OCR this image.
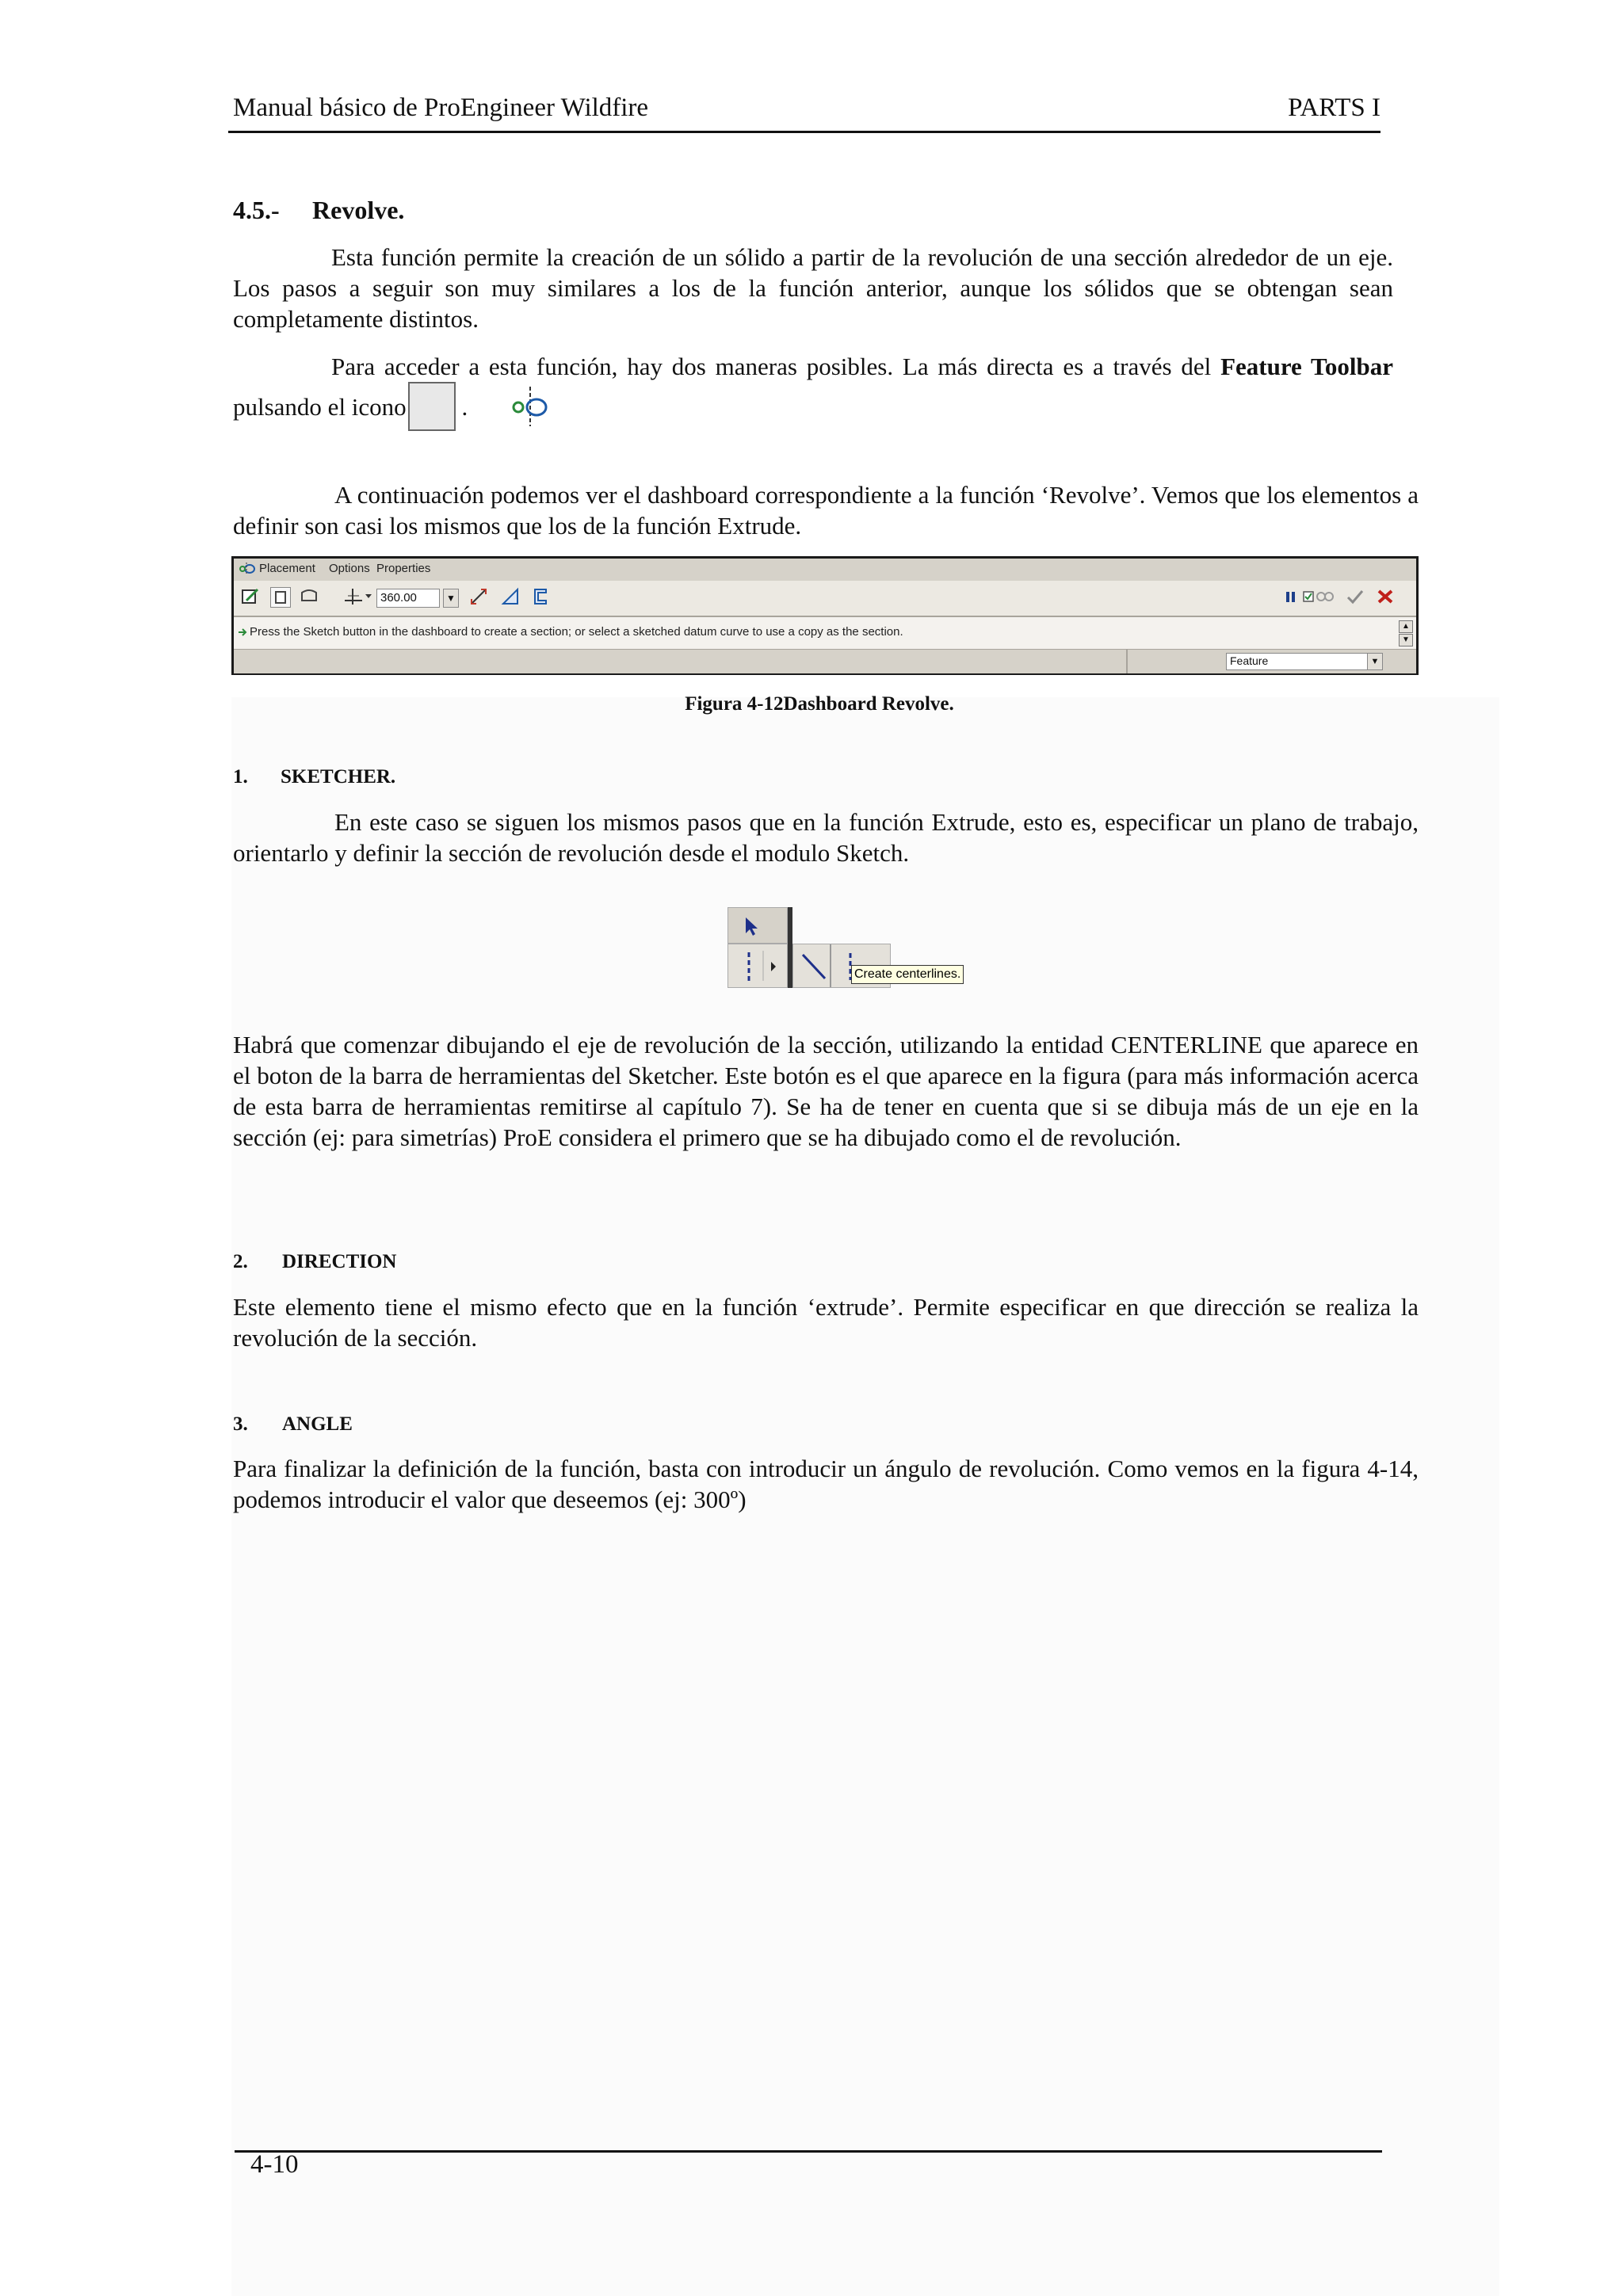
Manual básico de ProEngineer Wildfire	PARTS I
4.5.- Revolve.

Esta función permite la creación de un sólido a partir de la revolución de una sección alrededor de un eje. Los pasos a seguir son muy similares a los de la función anterior, aunque los sólidos que se obtengan sean completamente distintos.

Para acceder a esta función, hay dos maneras posibles. La más directa es a través del Feature Toolbar pulsando el icono .

A continuación podemos ver el dashboard correspondiente a la función ‘Revolve’. Vemos que los elementos a definir son casi los mismos que los de la función Extrude.

Placement Options Properties
360.00	▼
Press the Sketch button in the dashboard to create a section; or select a sketched datum curve to use a copy as the section.	▲
▼
Feature	▼
Figura 4-12Dashboard Revolve.
1. SKETCHER.

En este caso se siguen los mismos pasos que en la función Extrude, esto es, especificar un plano de trabajo, orientarlo y definir la sección de revolución desde el modulo Sketch.

Create centerlines.

Habrá que comenzar dibujando el eje de revolución de la sección, utilizando la entidad CENTERLINE que aparece en el boton de la barra de herramientas del Sketcher. Este botón es el que aparece en la figura (para más información acerca de esta barra de herramientas remitirse al capítulo 7). Se ha de tener en cuenta que si se dibuja más de un eje en la sección (ej: para simetrías) ProE considera el primero que se ha dibujado como el de revolución.

2. DIRECTION

Este elemento tiene el mismo efecto que en la función ‘extrude’. Permite especificar en que dirección se realiza la revolución de la sección.

3. ANGLE

Para finalizar la definición de la función, basta con introducir un ángulo de revolución. Como vemos en la figura 4-14, podemos introducir el valor que deseemos (ej: 300º)

4-10
